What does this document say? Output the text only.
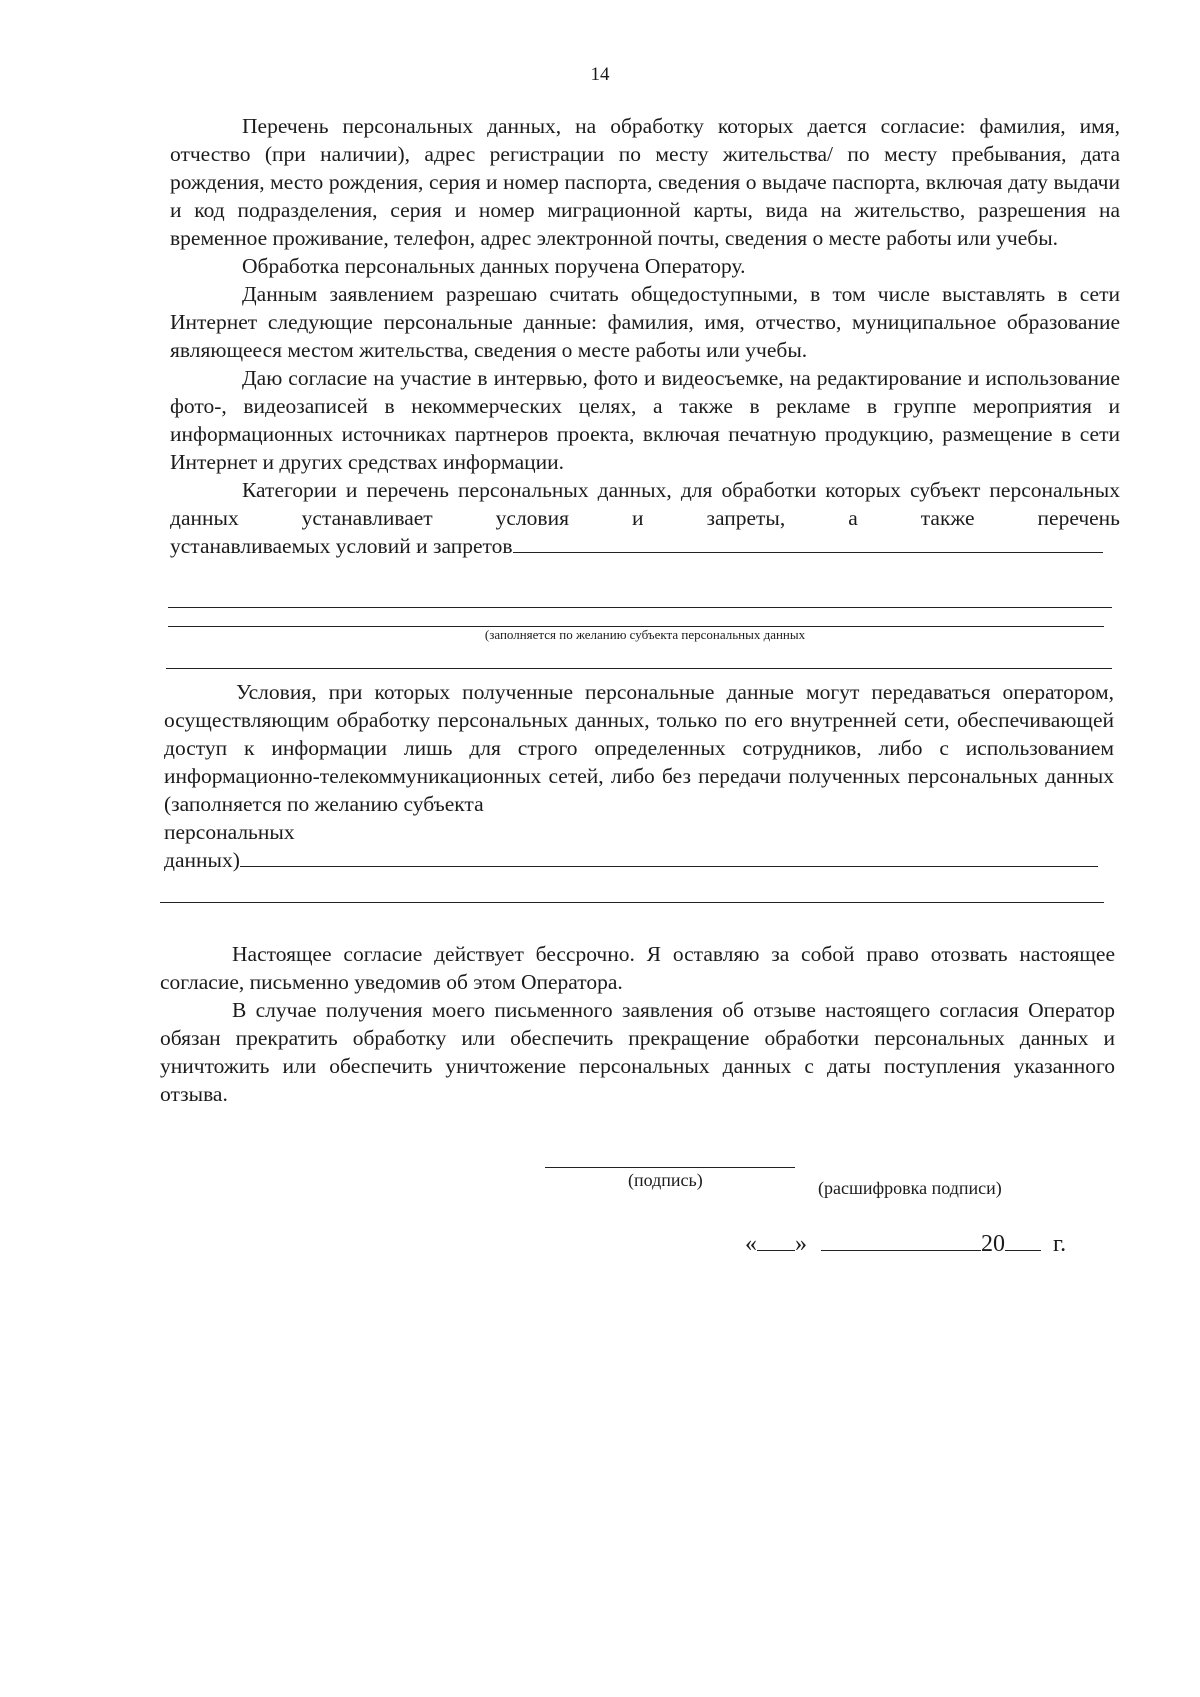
14

Перечень персональных данных, на обработку которых дается согласие: фамилия, имя, отчество (при наличии), адрес регистрации по месту жительства/ по месту пребывания, дата рождения, место рождения, серия и номер паспорта, сведения о выдаче паспорта, включая дату выдачи и код подразделения, серия и номер миграционной карты, вида на жительство, разрешения на временное проживание, телефон, адрес электронной почты, сведения о месте работы или учебы.

Обработка персональных данных поручена Оператору.

Данным заявлением разрешаю считать общедоступными, в том числе выставлять в сети Интернет следующие персональные данные: фамилия, имя, отчество, муниципальное образование являющееся местом жительства, сведения о месте работы или учебы.

Даю согласие на участие в интервью, фото и видеосъемке, на редактирование и использование фото-, видеозаписей в некоммерческих целях, а также в рекламе в группе мероприятия и информационных источниках партнеров проекта, включая печатную продукцию, размещение в сети Интернет и других средствах информации.

Категории и перечень персональных данных, для обработки которых субъект персональных данных устанавливает условия и запреты, а также перечень

устанавливаемых условий и запретов
(заполняется по желанию субъекта персональных данных

Условия, при которых полученные персональные данные могут передаваться оператором, осуществляющим обработку персональных данных, только по его внутренней сети, обеспечивающей доступ к информации лишь для строго определенных сотрудников, либо с использованием информационно-телекоммуникационных сетей, либо без передачи полученных персональных данных (заполняется по желанию субъекта

персональных

данных)

Настоящее согласие действует бессрочно. Я оставляю за собой право отозвать настоящее согласие, письменно уведомив об этом Оператора.

В случае получения моего письменного заявления об отзыве настоящего согласия Оператор обязан прекратить обработку или обеспечить прекращение обработки персональных данных и уничтожить или обеспечить уничтожение персональных данных с даты поступления указанного отзыва.

(подпись)	(расшифровка подписи)
« »	20 г.
